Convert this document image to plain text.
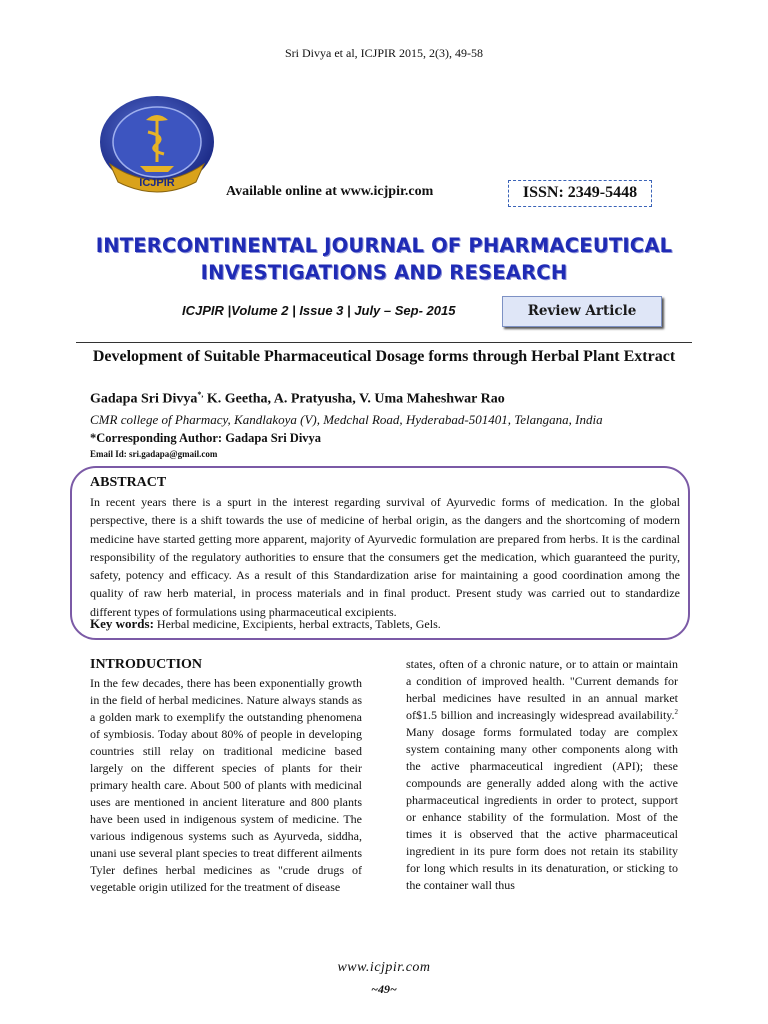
Sri Divya et al, ICJPIR 2015, 2(3), 49-58
ICJPIR
Available online at www.icjpir.com	ISSN: 2349-5448
INTERCONTINENTAL JOURNAL OF PHARMACEUTICAL
INVESTIGATIONS AND RESEARCH
ICJPIR |Volume 2 | Issue 3 | July – Sep- 2015	Review Article
Development of Suitable Pharmaceutical Dosage forms through Herbal Plant Extract
Gadapa Sri Divya*, K. Geetha, A. Pratyusha, V. Uma Maheshwar Rao
CMR college of Pharmacy, Kandlakoya (V), Medchal Road, Hyderabad-501401, Telangana, India
*Corresponding Author: Gadapa Sri Divya
Email Id: sri.gadapa@gmail.com
ABSTRACT
In recent years there is a spurt in the interest regarding survival of Ayurvedic forms of medication. In the global perspective, there is a shift towards the use of medicine of herbal origin, as the dangers and the shortcoming of modern medicine have started getting more apparent, majority of Ayurvedic formulation are prepared from herbs. It is the cardinal responsibility of the regulatory authorities to ensure that the consumers get the medication, which guaranteed the purity, safety, potency and efficacy. As a result of this Standardization arise for maintaining a good coordination among the quality of raw herb material, in process materials and in final product. Present study was carried out to standardize different types of formulations using pharmaceutical excipients.
Key words: Herbal medicine, Excipients, herbal extracts, Tablets, Gels.
INTRODUCTION
In the few decades, there has been exponentially growth in the field of herbal medicines. Nature always stands as a golden mark to exemplify the outstanding phenomena of symbiosis. Today about 80% of people in developing countries still relay on traditional medicine based largely on the different species of plants for their primary health care. About 500 of plants with medicinal uses are mentioned in ancient literature and 800 plants have been used in indigenous system of medicine. The various indigenous systems such as Ayurveda, siddha, unani use several plant species to treat different ailments Tyler defines herbal medicines as "crude drugs of vegetable origin utilized for the treatment of disease
states, often of a chronic nature, or to attain or maintain a condition of improved health. "Current demands for herbal medicines have resulted in an annual market of$1.5 billion and increasingly widespread availability.$^2$ Many dosage forms formulated today are complex system containing many other components along with the active pharmaceutical ingredient (API); these compounds are generally added along with the active pharmaceutical ingredients in order to protect, support or enhance stability of the formulation. Most of the times it is observed that the active pharmaceutical ingredient in its pure form does not retain its stability for long which results in its denaturation, or sticking to the container wall thus
www.icjpir.com
~49~
